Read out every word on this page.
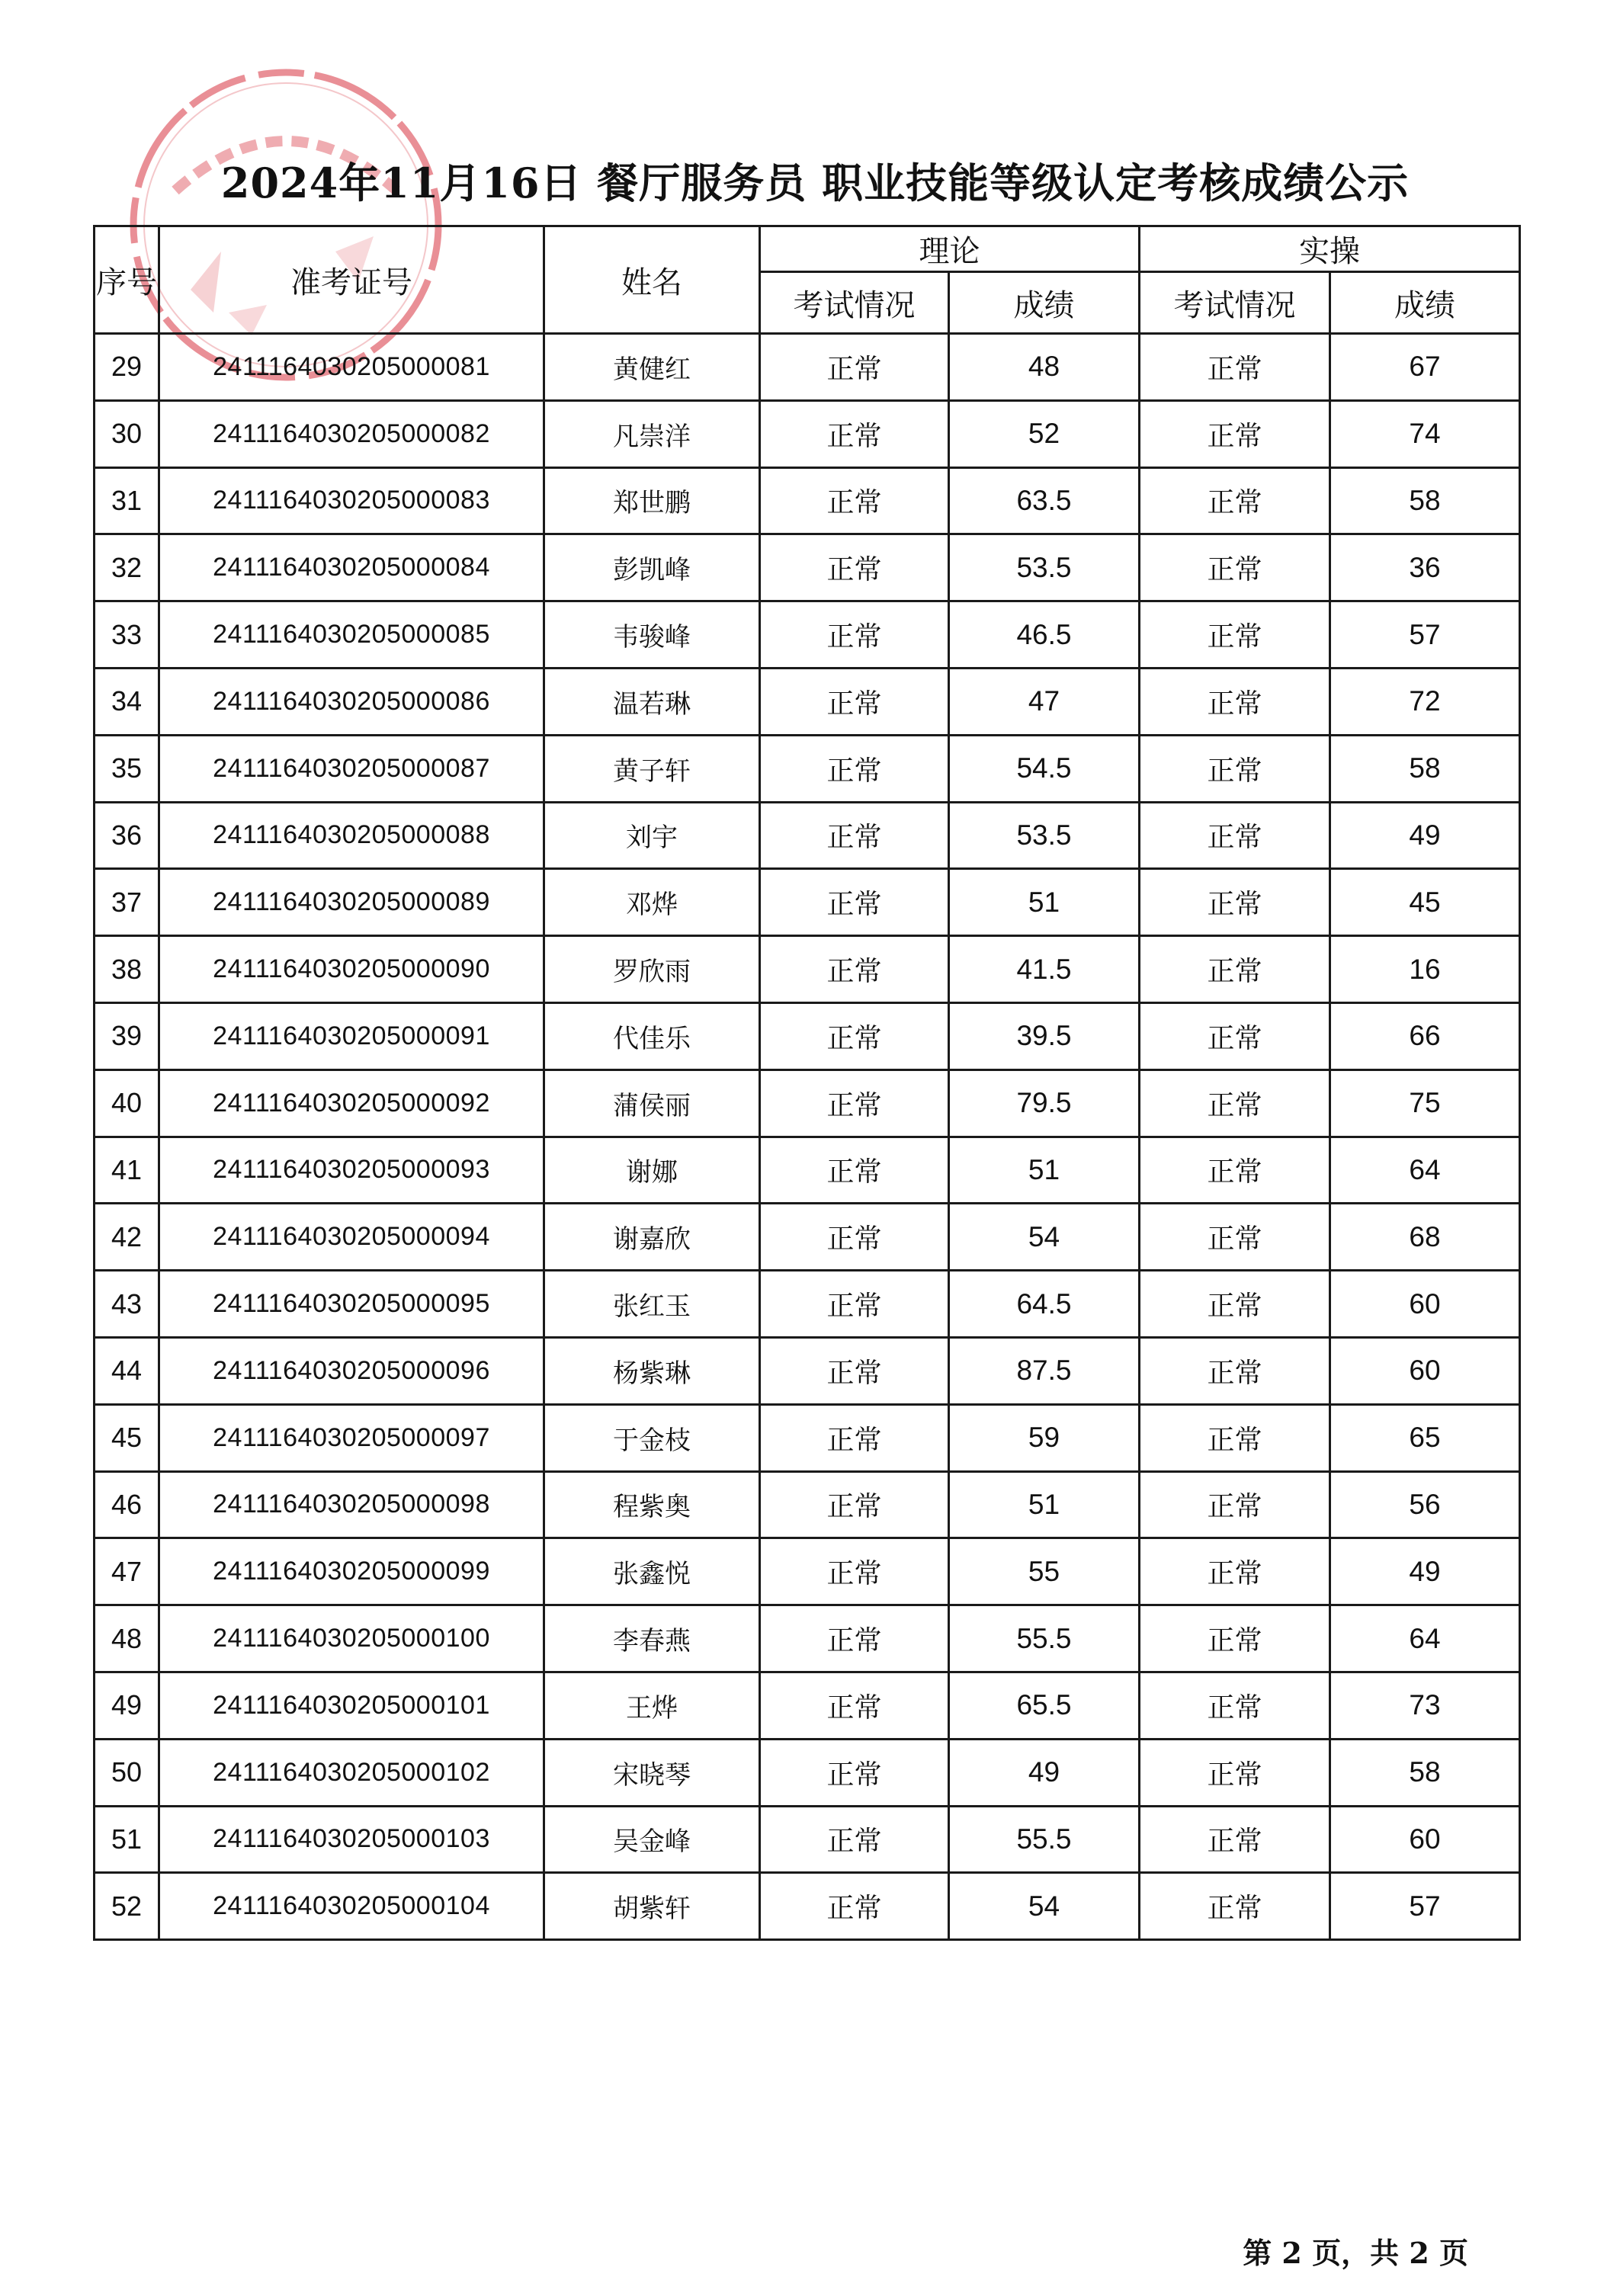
2024年11月16日 餐厅服务员 职业技能等级认定考核成绩公示
序号	准考证号	姓名	理论		实操	
			考试情况	成绩	考试情况	成绩
29	2411164030205000081	黄健红	正常	48	正常	67
30	2411164030205000082	凡崇洋	正常	52	正常	74
31	2411164030205000083	郑世鹏	正常	63.5	正常	58
32	2411164030205000084	彭凯峰	正常	53.5	正常	36
33	2411164030205000085	韦骏峰	正常	46.5	正常	57
34	2411164030205000086	温若琳	正常	47	正常	72
35	2411164030205000087	黄子轩	正常	54.5	正常	58
36	2411164030205000088	刘宇	正常	53.5	正常	49
37	2411164030205000089	邓烨	正常	51	正常	45
38	2411164030205000090	罗欣雨	正常	41.5	正常	16
39	2411164030205000091	代佳乐	正常	39.5	正常	66
40	2411164030205000092	蒲侯丽	正常	79.5	正常	75
41	2411164030205000093	谢娜	正常	51	正常	64
42	2411164030205000094	谢嘉欣	正常	54	正常	68
43	2411164030205000095	张红玉	正常	64.5	正常	60
44	2411164030205000096	杨紫琳	正常	87.5	正常	60
45	2411164030205000097	于金枝	正常	59	正常	65
46	2411164030205000098	程紫奥	正常	51	正常	56
47	2411164030205000099	张鑫悦	正常	55	正常	49
48	2411164030205000100	李春燕	正常	55.5	正常	64
49	2411164030205000101	王烨	正常	65.5	正常	73
50	2411164030205000102	宋晓琴	正常	49	正常	58
51	2411164030205000103	吴金峰	正常	55.5	正常	60
52	2411164030205000104	胡紫轩	正常	54	正常	57
第 2 页，共 2 页
